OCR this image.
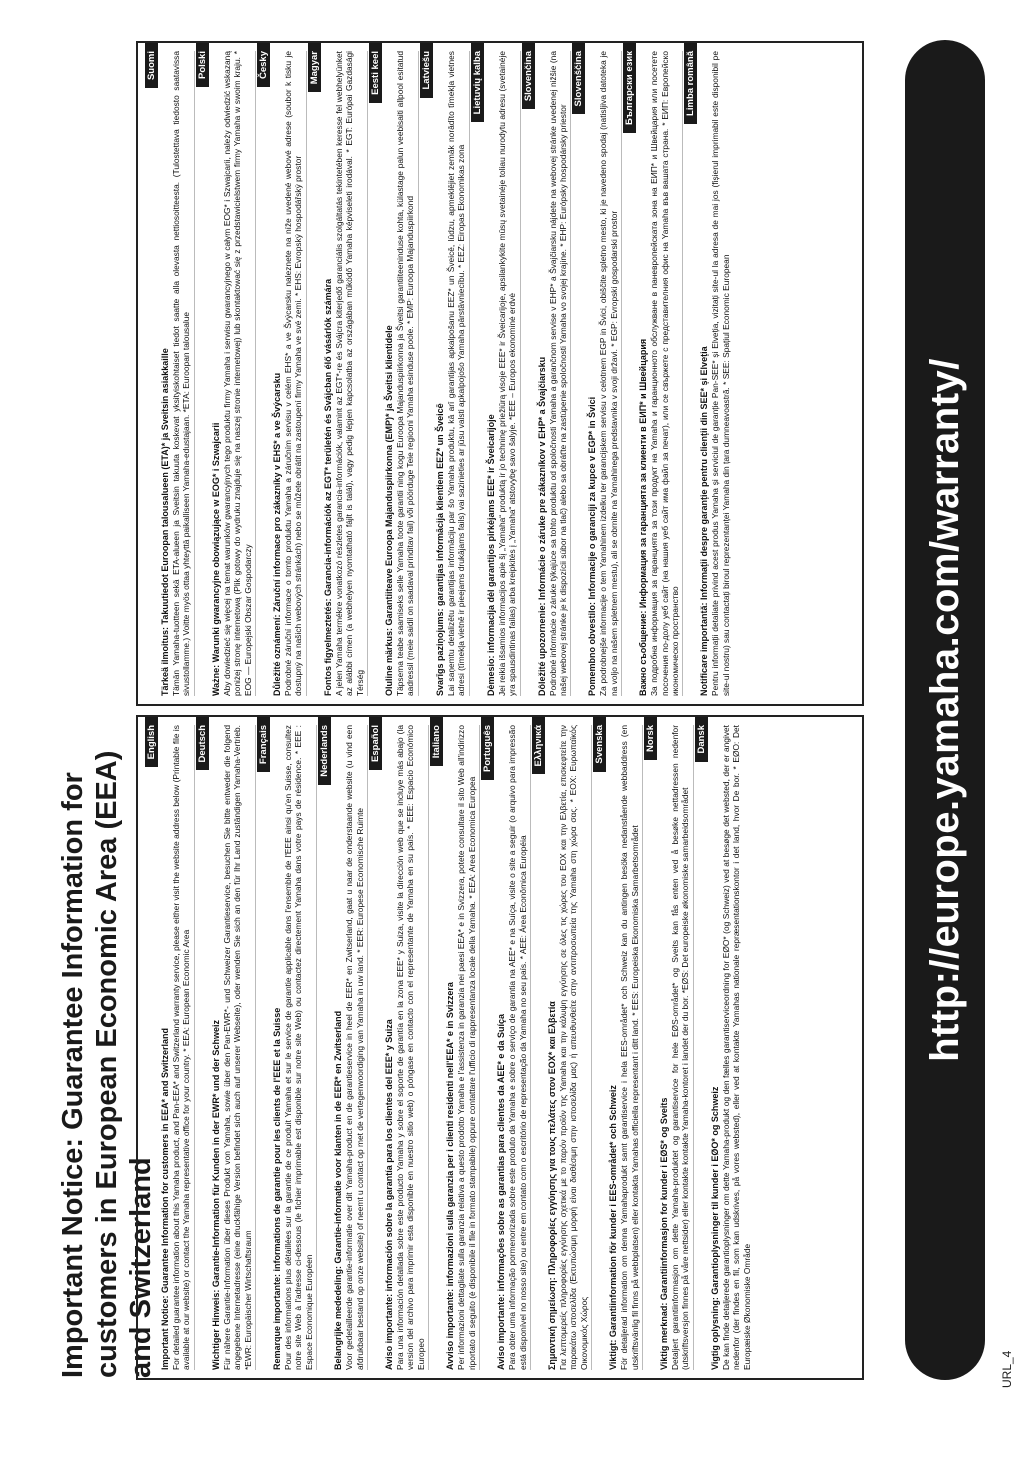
Important Notice: Guarantee Information for customers in European Economic Area (EEA) and Switzerland
English

Important Notice: Guarantee Information for customers in EEA* and Switzerland For detailed guarantee information about this Yamaha product, and Pan-EEA* and Switzerland warranty service, please either visit the website address below (Printable file is available at our website) or contact the Yamaha representative office for your country. * EEA: European Economic Area

Deutsch

Wichtiger Hinweis: Garantie-Information für Kunden in der EWR* und der Schweiz Für nähere Garantie-Information über dieses Produkt von Yamaha, sowie über den Pan-EWR*- und Schweizer Garantieservice, besuchen Sie bitte entweder die folgend angegebene Internetadresse (eine druckfähige Version befindet sich auch auf unserer Webseite), oder wenden Sie sich an den für Ihr Land zuständigen Yamaha-Vertrieb. *EWR: Europäischer Wirtschaftsraum

Français

Remarque importante: informations de garantie pour les clients de l'EEE et la Suisse Pour des informations plus détaillées sur la garantie de ce produit Yamaha et sur le service de garantie applicable dans l'ensemble de l'EEE ainsi qu'en Suisse, consultez notre site Web à l'adresse ci-dessous (le fichier imprimable est disponible sur notre site Web) ou contactez directement Yamaha dans votre pays de résidence. * EEE : Espace Economique Européen

Nederlands

Belangrijke mededeling: Garantie-informatie voor klanten in de EER* en Zwitserland Voor gedetailleerde garantie-informatie over dit Yamaha-product en de garantieservice in heel de EER* en Zwitserland, gaat u naar de onderstaande website (u vind een afdrukbaar bestand op onze website) of neemt u contact op met de vertegenwoordiging van Yamaha in uw land. * EER: Europese Economische Ruimte

Español

Aviso importante: información sobre la garantía para los clientes del EEE* y Suiza Para una información detallada sobre este producto Yamaha y sobre el soporte de garantía en la zona EEE* y Suiza, visite la dirección web que se incluye más abajo (la version del archivo para imprimir esta disponible en nuestro sitio web) o póngase en contacto con el representante de Yamaha en su país. * EEE: Espacio Económico Europeo

Italiano

Avviso importante: informazioni sulla garanzia per i clienti residenti nell'EEA* e in Svizzera Per informazioni dettagliate sulla garanzia relativa a questo prodotto Yamaha e l'assistenza in garanzia nei paesi EEA* e in Svizzera, potete consultare il sito Web all'indirizzo riportato di seguito (è disponibile il file in formato stampabile) oppure contattare l'ufficio di rappresentanza locale della Yamaha. * EEA: Area Economica Europea

Português

Aviso importante: informações sobre as garantias para clientes da AEE* e da Suíça Para obter uma informação pormenorizada sobre este produto da Yamaha e sobre o serviço de garantia na AEE* e na Suíça, visite o site a seguir (o arquivo para impressão está disponível no nosso site) ou entre em contato com o escritório de representação da Yamaha no seu país. * AEE: Área Econômica Européia

Ελληνικά

Σημαντική σημείωση: Πληροφορίες εγγύησης για τους πελάτες στον ΕΟΧ* και Ελβετία Για λεπτομερείς πληροφορίες εγγύησης σχετικά με το παρόν προϊόν της Yamaha και την κάλυψη εγγύησης σε όλες τις χώρες του ΕΟΧ και την Ελβετία, επισκεφτείτε την παρακάτω ιστοσελίδα (Εκτυπώσιμη μορφή είναι διαθέσιμη στην ιστοσελίδα μας) ή απευθυνθείτε στην αντιπροσωπεία της Yamaha στη χώρα σας. * ΕΟΧ: Ευρωπαϊκός Οικονομικός Χώρος

Svenska

Viktigt: Garantiinformation för kunder i EES-området* och Schweiz För detaljerad information om denna Yamahaprodukt samt garantiservice i hela EES-området* och Schweiz kan du antingen besöka nedanstående webbaddress (en utskriftsvänlig fil finns på webbplatsen) eller kontakta Yamahas officiella representant i ditt land. * EES: Europeiska Ekonomiska Samarbetsområdet

Norsk

Viktig merknad: Garantiinformasjon for kunder i EØS* og Sveits Detaljert garantiinformasjon om dette Yamaha-produktet og garantiservice for hele EØS-området* og Sveits kan fås enten ved å besøke nettadressen nedenfor (utskriftsversjon finnes på våre nettsider) eller kontakte kontakte Yamaha-kontoret i landet der du bor. *EØS: Det europeiske økonomiske samarbeidsområdet

Dansk

Vigtig oplysning: Garantioplysninger til kunder i EØO* og Schweiz De kan finde detaljerede garantioplysninger om dette Yamaha-produkt og den fælles garantiserviceordning for EØO* (og Schweiz) ved at besøge det websted, der er angivet nedenfor (der findes en fil, som kan udskrives, på vores websted), eller ved at kontakte Yamahas nationale repræsentationskontor i det land, hvor De bor. * EØO: Det Europæiske Økonomiske Område

Suomi

Tärkeä ilmoitus: Takuutiedot Euroopan talousalueen (ETA)* ja Sveitsin asiakkaille Tämän Yamaha-tuotteen sekä ETA-alueen ja Sveitsin takuuta koskevat yksityiskohtaiset tiedot saatte alla olevasta nettiosoitteesta. (Tulostettava tiedosto saatavissa sivustollamme.) Voitte myös ottaa yhteyttä paikalliseen Yamaha-edustajaan. *ETA: Euroopan talousalue

Polski

Ważne: Warunki gwarancyjne obowiązujące w EOG* i Szwajcarii Aby dowiedzieć się więcej na temat warunków gwarancyjnych tego produktu firmy Yamaha i serwisu gwarancyjnego w całym EOG* i Szwajcarii, należy odwiedzić wskazaną poniżej stronę internetową (Plik gotowy do wydruku znajduje się na naszej stronie internetowej) lub skontaktować się z przedstawicielstwem firmy Yamaha w swoim kraju. * EOG — Europejski Obszar Gospodarczy

Česky

Důležité oznámení: Záruční informace pro zákazníky v EHS* a ve Švýcarsku Podrobné záruční informace o tomto produktu Yamaha a záručním servisu v celém EHS* a ve Švýcarsku naleznete na níže uvedené webové adrese (soubor k tisku je dostupný na našich webových stránkách) nebo se můžete obrátit na zastoupení firmy Yamaha ve své zemi. * EHS: Evropský hospodářský prostor

Magyar

Fontos figyelmeztetés: Garancia-információk az EGT* területén és Svájcban élő vásárlók számára A jelen Yamaha termékre vonatkozó részletes garancia-információk, valamint az EGT*-re és Svájcra kiterjedő garanciális szolgáltatás tekintetében keresse fel webhelyünket az alábbi címen (a webhelyen nyomtatható fájlt is talál), vagy pedig lépjen kapcsolatba az országában működő Yamaha képviseleti irodával. * EGT: Európai Gazdasági Térség

Eesti keel

Oluline märkus: Garantiiteave Euroopa Majanduspiirkonna (EMP)* ja Šveitsi klientidele Täpsema teabe saamiseks selle Yamaha toote garantii ning kogu Euroopa Majanduspiirkonna ja Šveitsi garantiiteeninduse kohta, külastage palun veebisaiti allpool esitatud aadressil (meie saidil on saadaval prinditav fail) või pöörduge Teie regiooni Yamaha esinduse poole. * EMP: Euroopa Majanduspiirkond

Latviešu

Svarīgs paziņojums: garantijas informācija klientiem EEZ* un Šveicē Lai saņemtu detalizētu garantijas informāciju par šo Yamaha produktu, kā arī garantijas apkalpošanu EEZ* un Šveicē, lūdzu, apmeklējiet zemāk norādīto tīmekļa vietnes adresi (tīmekļa vietnē ir pieejams drukājams fails) vai sazinieties ar jūsu valsti apkalpojošo Yamaha pārstāvniecību. * EEZ: Eiropas Ekonomikas zona

Lietuvių kalba

Dėmesio: informacija dėl garantijos pirkėjams EEE* ir Šveicarijoje Jei reikia išsamios informacijos apie šį „Yamaha“ produktą ir jo techninę priežiūrą visoje EEE* ir Šveicarijoje, apsilankykite mūsų svetainėje toliau nurodytu adresu (svetainėje yra spausdintinas failas) arba kreipkitės į „Yamaha“ atstovybę savo šalyje. *EEE – Europos ekonominė erdvė

Slovenčina

Dôležité upozornenie: Informácie o záruke pre zákazníkov v EHP* a Švajčiarsku Podrobné informácie o záruke týkajúce sa tohto produktu od spoločnosti Yamaha a garančnom servise v EHP* a Švajčiarsku nájdete na webovej stránke uvedenej nižšie (na našej webovej stránke je k dispozícii súbor na tlač) alebo sa obráťte na zastúpenie spoločnosti Yamaha vo svojej krajine. * EHP: Európsky hospodársky priestor

Slovenščina

Pomembno obvestilo: Informacije o garanciji za kupce v EGP* in Švici Za podrobnejše informacije o tem Yamahinem izdelku ter garancijskem servisu v celotnem EGP in Švici, obiščite spletno mesto, ki je navedeno spodaj (natisljiva datoteka je na voljo na našem spletnem mestu), ali se obrnite na Yamahinega predstavnika v svoji državi. * EGP: Evropski gospodarski prostor

Български език

Важно съобщение: Информация за гаранцията за клиенти в ЕИП* и Швейцария За подробна информация за гаранцията за този продукт на Yamaha и гаранционното обслужване в паневропейската зона на ЕИП* и Швейцария или посетете посочения по-долу уеб сайт (на нашия уеб сайт има файл за печат), или се свържете с представителния офис на Yamaha във вашата страна. * ЕИП: Европейско икономическо пространство

Limba română

Notificare importantă: Informații despre garanție pentru clienții din SEE* și Elveția Pentru informații detaliate privind acest produs Yamaha și serviciul de garanție Pan-SEE* și Elveția, vizitați site-ul la adresa de mai jos (fișierul imprimabil este disponibil pe site-ul nostru) sau contactați biroul reprezentanței Yamaha din țara dumneavoastră. * SEE: Spațiul Economic European	http://europe.yamaha.com/warranty/
URL_4
